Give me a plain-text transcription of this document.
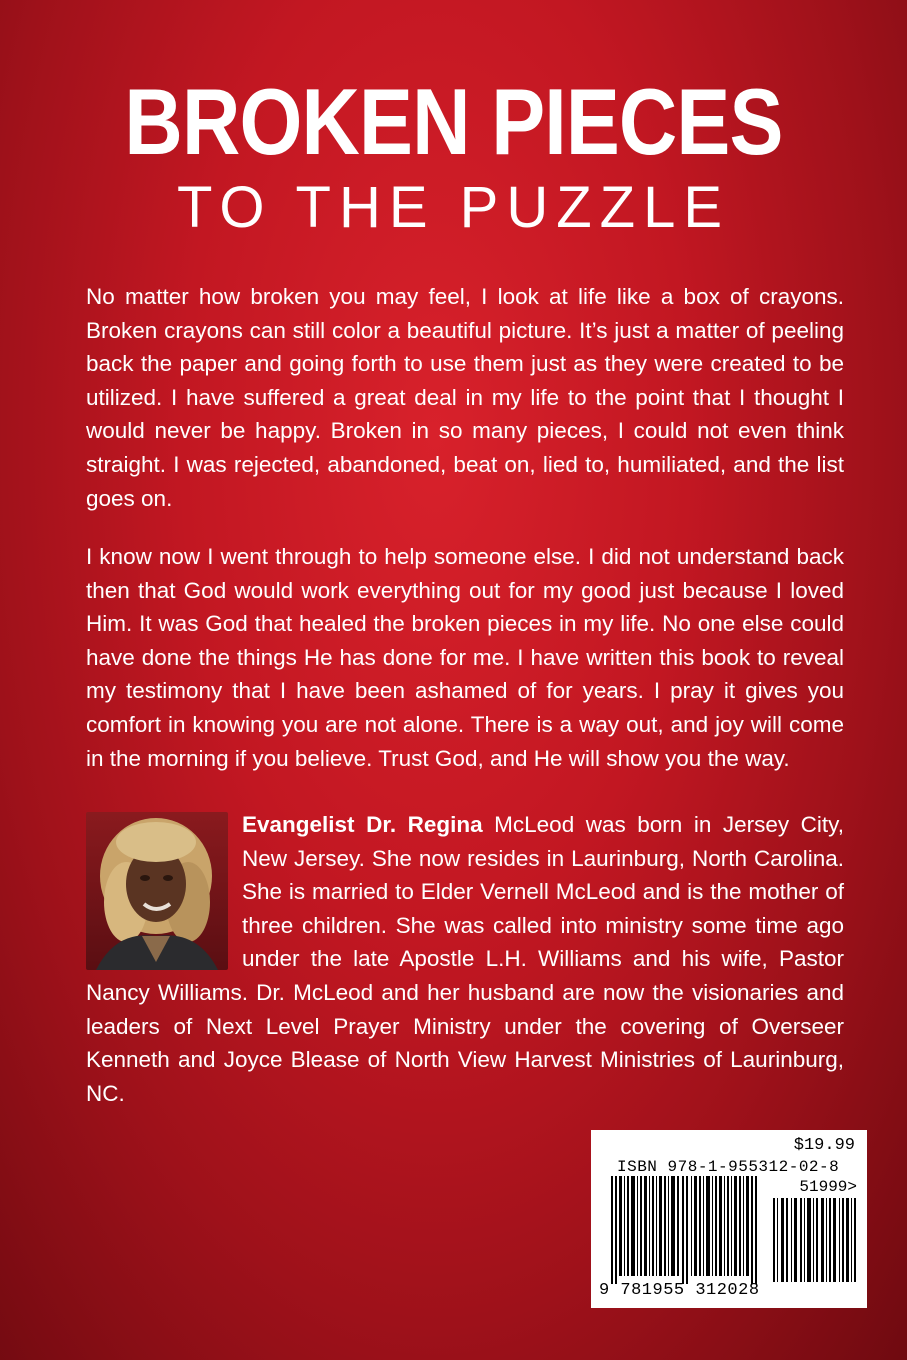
BROKEN PIECES
TO THE PUZZLE
No matter how broken you may feel, I look at life like a box of crayons. Broken crayons can still color a beautiful picture. It’s just a matter of peeling back the paper and going forth to use them just as they were created to be utilized. I have suffered a great deal in my life to the point that I thought I would never be happy. Broken in so many pieces, I could not even think straight. I was rejected, abandoned, beat on, lied to, humiliated, and the list goes on.
I know now I went through to help someone else. I did not understand back then that God would work everything out for my good just because I loved Him. It was God that healed the broken pieces in my life. No one else could have done the things He has done for me. I have written this book to reveal my testimony that I have been ashamed of for years. I pray it gives you comfort in knowing you are not alone. There is a way out, and joy will come in the morning if you believe. Trust God, and He will show you the way.
Evangelist Dr. Regina McLeod was born in Jersey City, New Jersey. She now resides in Laurinburg, North Carolina. She is married to Elder Vernell McLeod and is the mother of three children. She was called into ministry some time ago under the late Apostle L.H. Williams and his wife, Pastor Nancy Williams. Dr. McLeod and her husband are now the visionaries and leaders of Next Level Prayer Ministry under the covering of Overseer Kenneth and Joyce Blease of North View Harvest Ministries of Laurinburg, NC.
$19.99
ISBN 978-1-955312-02-8
51999>
9 781955 312028
